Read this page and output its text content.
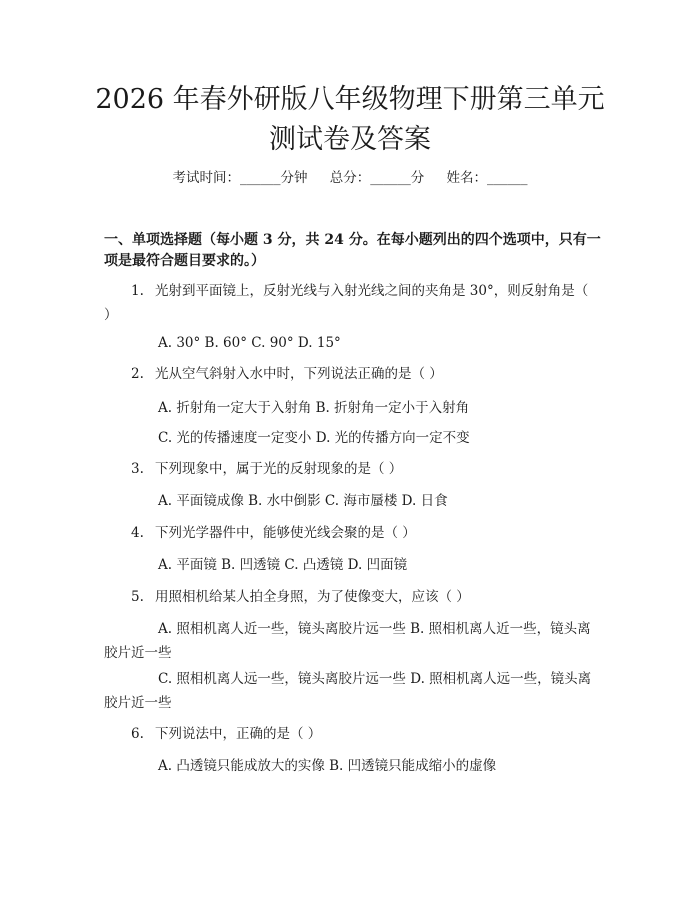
2026 年春外研版八年级物理下册第三单元测试卷及答案
考试时间：______分钟 总分：______分 姓名：______
一、单项选择题（每小题 3 分，共 24 分。在每小题列出的四个选项中，只有一项是最符合题目要求的。）
1. 光射到平面镜上，反射光线与入射光线之间的夹角是 30°，则反射角是（ ）
A. 30° B. 60° C. 90° D. 15°
2. 光从空气斜射入水中时，下列说法正确的是（ ）
A. 折射角一定大于入射角 B. 折射角一定小于入射角
C. 光的传播速度一定变小 D. 光的传播方向一定不变
3. 下列现象中，属于光的反射现象的是（ ）
A. 平面镜成像 B. 水中倒影 C. 海市蜃楼 D. 日食
4. 下列光学器件中，能够使光线会聚的是（ ）
A. 平面镜 B. 凹透镜 C. 凸透镜 D. 凹面镜
5. 用照相机给某人拍全身照，为了使像变大，应该（ ）
A. 照相机离人近一些，镜头离胶片远一些 B. 照相机离人近一些，镜头离胶片近一些
C. 照相机离人远一些，镜头离胶片远一些 D. 照相机离人远一些，镜头离胶片近一些
6. 下列说法中，正确的是（ ）
A. 凸透镜只能成放大的实像 B. 凹透镜只能成缩小的虚像
